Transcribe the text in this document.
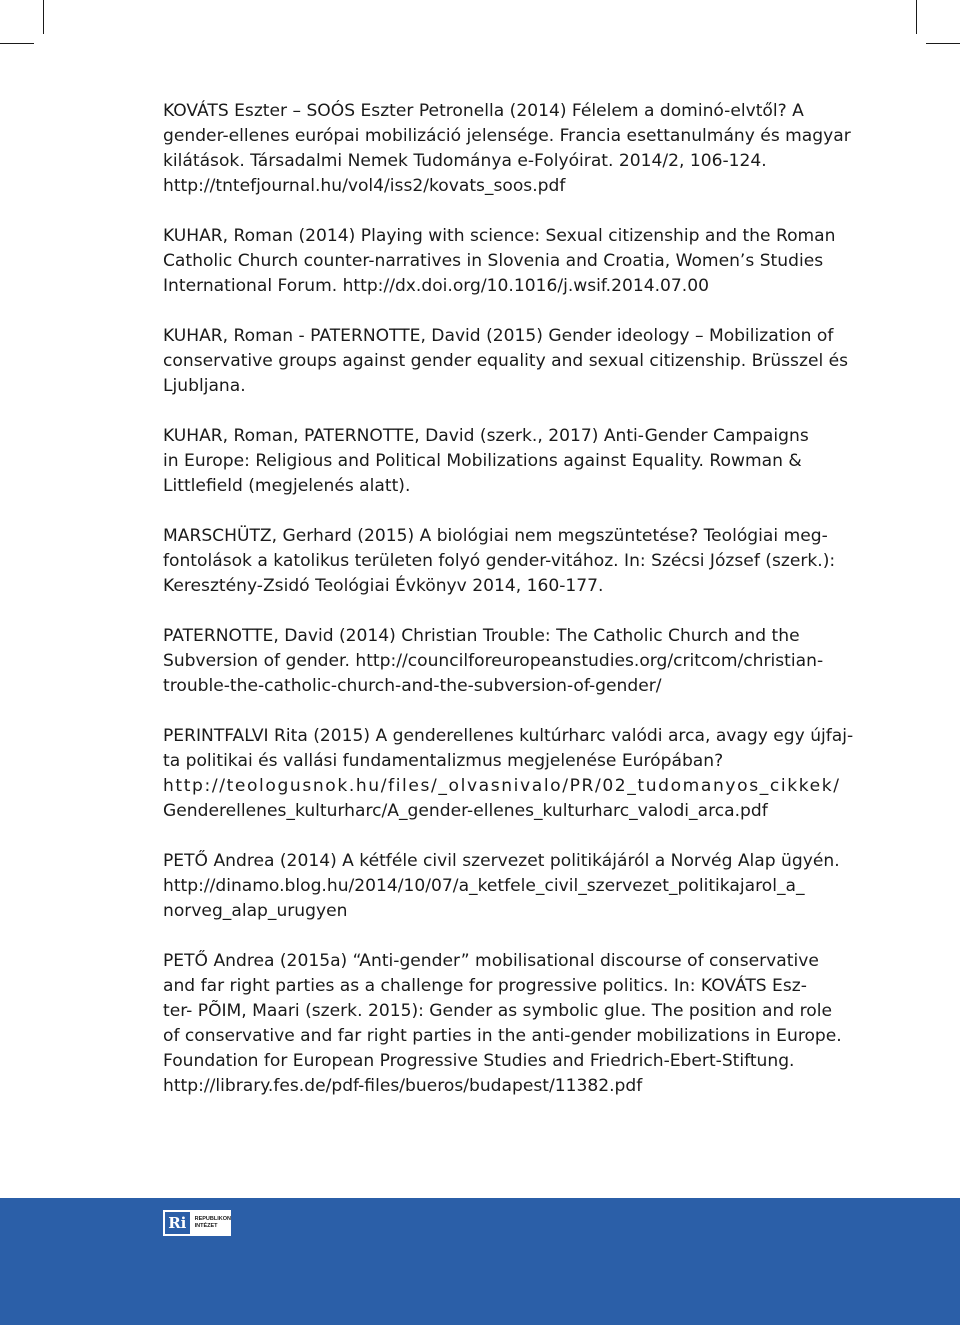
KOVÁTS Eszter – SOÓS Eszter Petronella (2014) Félelem a dominó-elvtől? A
gender-ellenes európai mobilizáció jelensége. Francia esettanulmány és magyar
kilátások. Társadalmi Nemek Tudománya e-Folyóirat. 2014/2, 106-124.
http://tntefjournal.hu/vol4/iss2/kovats_soos.pdf
KUHAR, Roman (2014) Playing with science: Sexual citizenship and the Roman
Catholic Church counter-narratives in Slovenia and Croatia, Women’s Studies
International Forum. http://dx.doi.org/10.1016/j.wsif.2014.07.00
KUHAR, Roman - PATERNOTTE, David (2015) Gender ideology – Mobilization of
conservative groups against gender equality and sexual citizenship. Brüsszel és
Ljubljana.
KUHAR, Roman, PATERNOTTE, David (szerk., 2017) Anti-Gender Campaigns
in Europe: Religious and Political Mobilizations against Equality. Rowman &
Littlefield (megjelenés alatt).
MARSCHÜTZ, Gerhard (2015) A biológiai nem megszüntetése? Teológiai meg-
fontolások a katolikus területen folyó gender-vitához. In: Szécsi József (szerk.):
Keresztény-Zsidó Teológiai Évkönyv 2014, 160-177.
PATERNOTTE, David (2014) Christian Trouble: The Catholic Church and the
Subversion of gender. http://councilforeuropeanstudies.org/critcom/christian-
trouble-the-catholic-church-and-the-subversion-of-gender/
PERINTFALVI Rita (2015) A genderellenes kultúrharc valódi arca, avagy egy újfaj-
ta politikai és vallási fundamentalizmus megjelenése Európában?
http://teologusnok.hu/files/_olvasnivalo/PR/02_tudomanyos_cikkek/
Genderellenes_kulturharc/A_gender-ellenes_kulturharc_valodi_arca.pdf
PETŐ Andrea (2014) A kétféle civil szervezet politikájáról a Norvég Alap ügyén.
http://dinamo.blog.hu/2014/10/07/a_ketfele_civil_szervezet_politikajarol_a_
norveg_alap_urugyen
PETŐ Andrea (2015a) “Anti-gender” mobilisational discourse of conservative
and far right parties as a challenge for progressive politics. In: KOVÁTS Esz-
ter- PÕIM, Maari (szerk. 2015): Gender as symbolic glue. The position and role
of conservative and far right parties in the anti-gender mobilizations in Europe.
Foundation for European Progressive Studies and Friedrich-Ebert-Stiftung.
http://library.fes.de/pdf-files/bueros/budapest/11382.pdf
Ri	REPUBLIKON
INTÉZET
